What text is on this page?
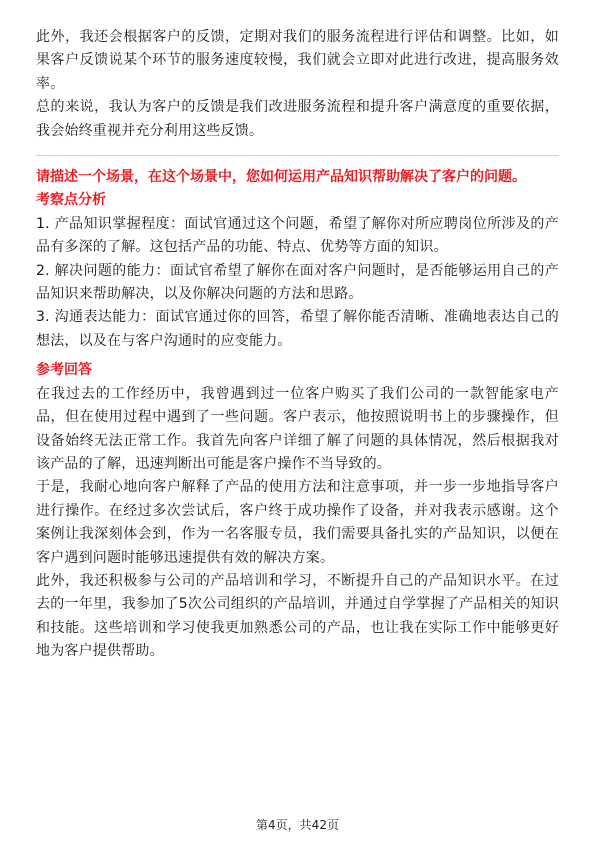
此外，我还会根据客户的反馈，定期对我们的服务流程进行评估和调整。比如，如果客户反馈说某个环节的服务速度较慢，我们就会立即对此进行改进，提高服务效率。

总的来说，我认为客户的反馈是我们改进服务流程和提升客户满意度的重要依据，我会始终重视并充分利用这些反馈。

请描述一个场景，在这个场景中，您如何运用产品知识帮助解决了客户的问题。

考察点分析

1. 产品知识掌握程度：面试官通过这个问题，希望了解你对所应聘岗位所涉及的产品有多深的了解。这包括产品的功能、特点、优势等方面的知识。

2. 解决问题的能力：面试官希望了解你在面对客户问题时，是否能够运用自己的产品知识来帮助解决，以及你解决问题的方法和思路。

3. 沟通表达能力：面试官通过你的回答，希望了解你能否清晰、准确地表达自己的想法，以及在与客户沟通时的应变能力。

参考回答

在我过去的工作经历中，我曾遇到过一位客户购买了我们公司的一款智能家电产品，但在使用过程中遇到了一些问题。客户表示，他按照说明书上的步骤操作，但设备始终无法正常工作。我首先向客户详细了解了问题的具体情况，然后根据我对该产品的了解，迅速判断出可能是客户操作不当导致的。

于是，我耐心地向客户解释了产品的使用方法和注意事项，并一步一步地指导客户进行操作。在经过多次尝试后，客户终于成功操作了设备，并对我表示感谢。这个案例让我深刻体会到，作为一名客服专员，我们需要具备扎实的产品知识，以便在客户遇到问题时能够迅速提供有效的解决方案。

此外，我还积极参与公司的产品培训和学习，不断提升自己的产品知识水平。在过去的一年里，我参加了5次公司组织的产品培训，并通过自学掌握了产品相关的知识和技能。这些培训和学习使我更加熟悉公司的产品，也让我在实际工作中能够更好地为客户提供帮助。

第4页，共42页
